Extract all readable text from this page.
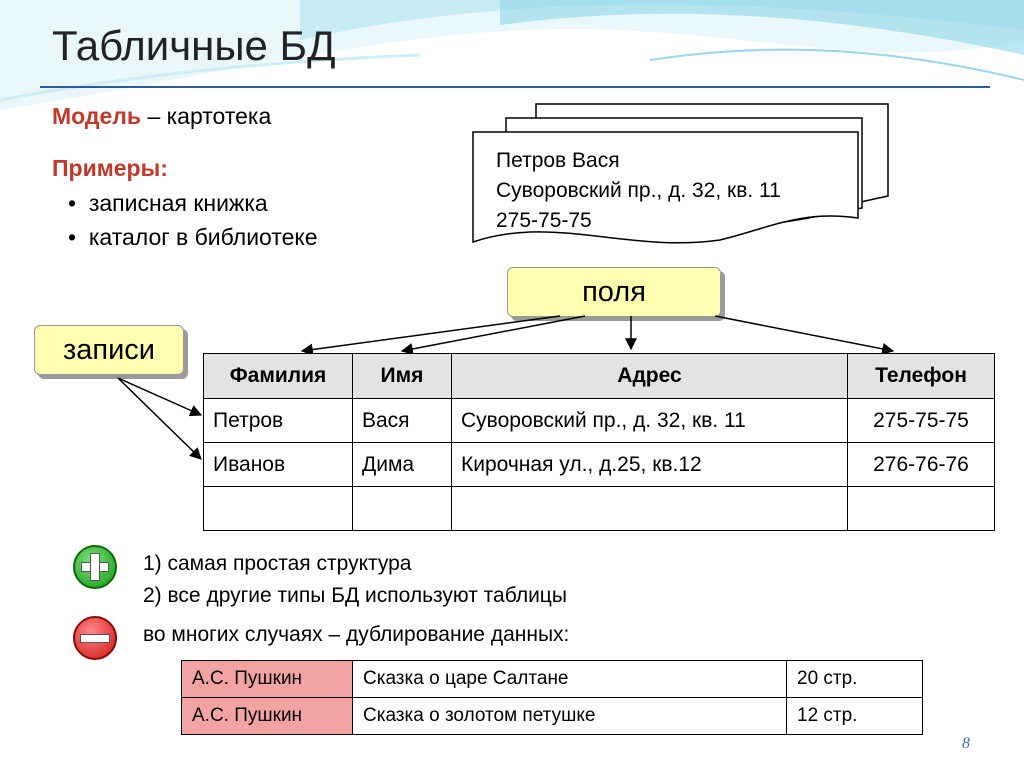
Табличные БД
Модель – картотека
Примеры:
•  записная книжка
•  каталог в библиотеке
Петров Вася
Суворовский пр., д. 32, кв. 11
275-75-75
поля
записи
Фамилия	Имя	Адрес	Телефон
Петров	Вася	Суворовский пр., д. 32, кв. 11	275-75-75
Иванов	Дима	Кирочная ул., д.25, кв.12	276-76-76

1) самая простая структура
2) все другие типы БД используют таблицы
во многих случаях – дублирование данных:
А.С. Пушкин	Сказка о царе Салтане	20 стр.
А.С. Пушкин	Сказка о золотом петушке	12 стр.
8
